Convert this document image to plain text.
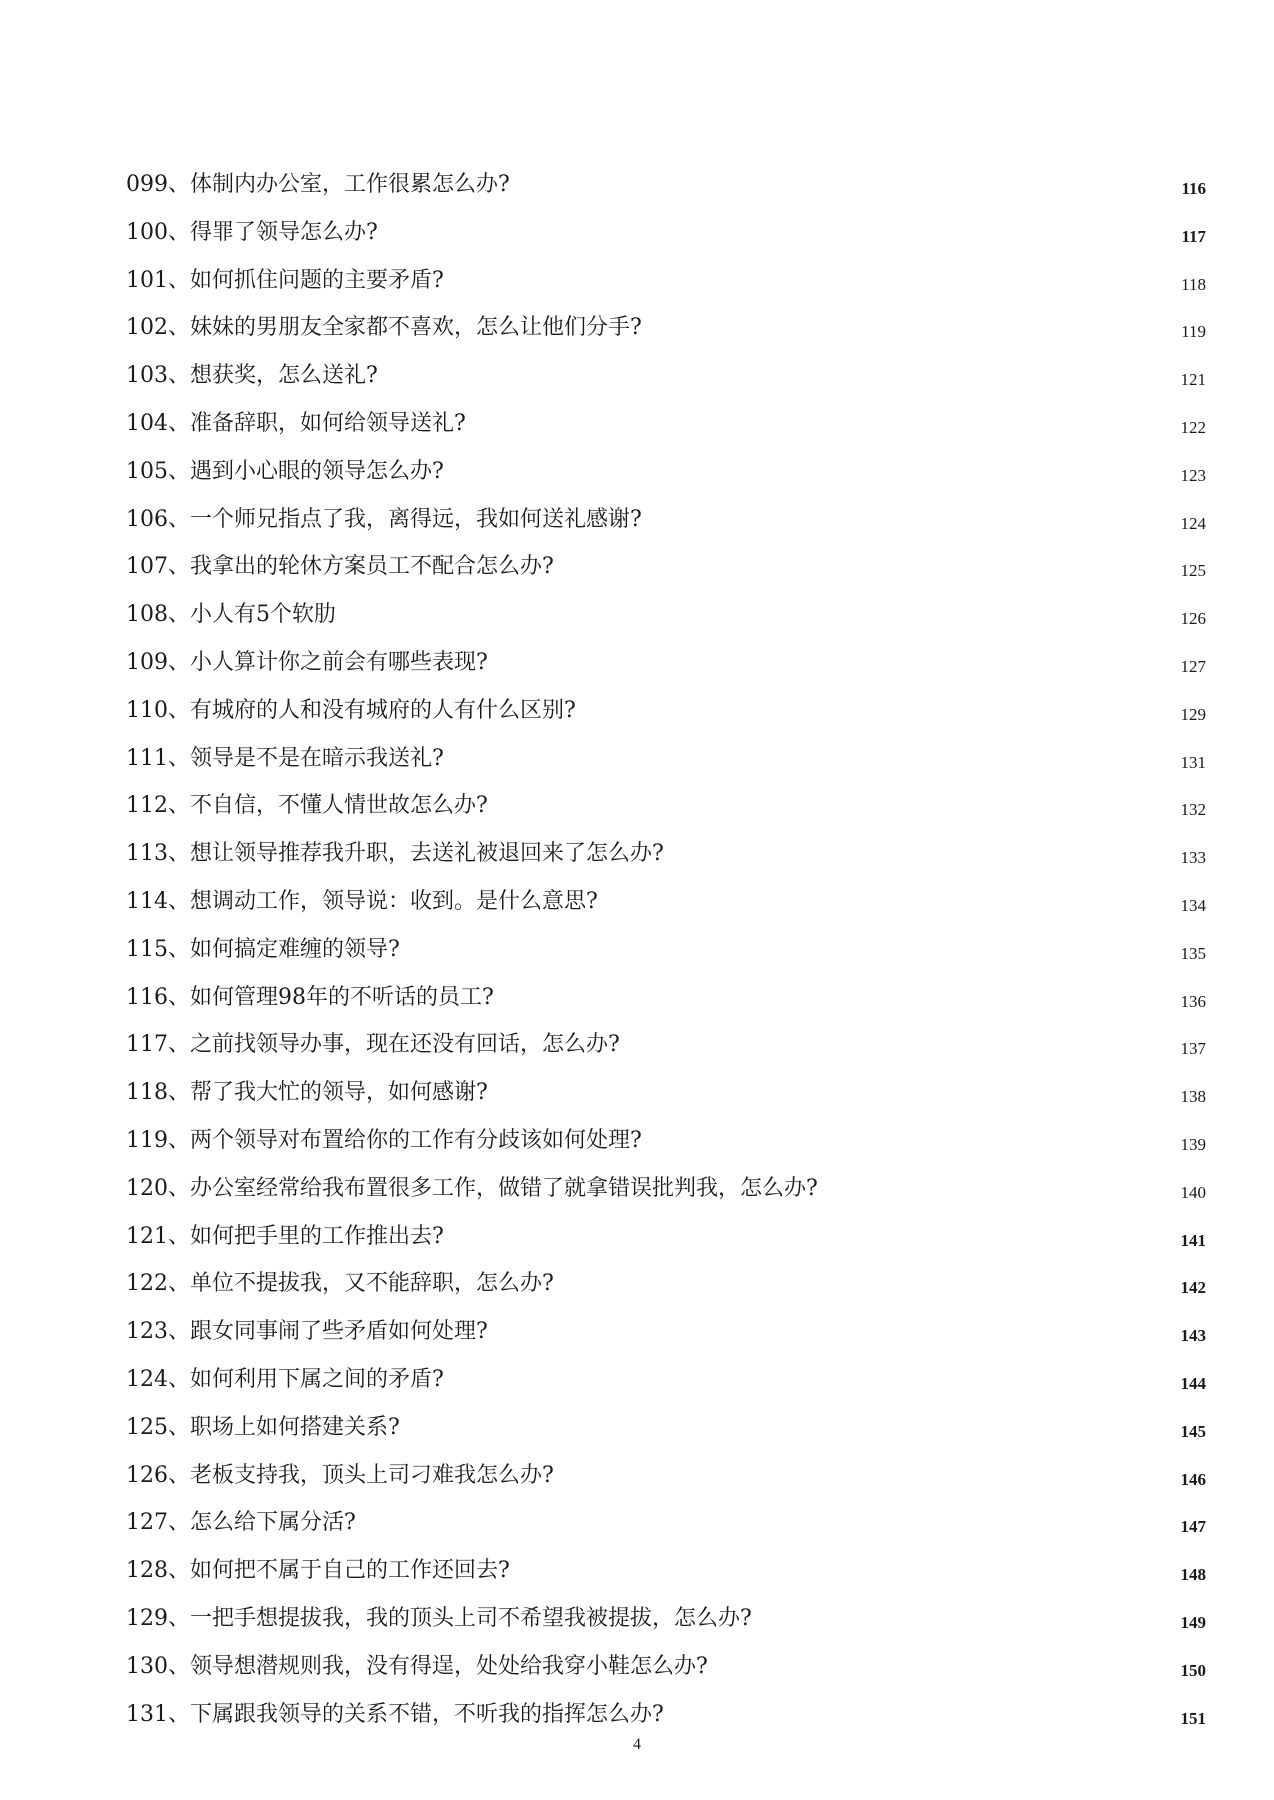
099、体制内办公室，工作很累怎么办?	116
100、得罪了领导怎么办?	117
101、如何抓住问题的主要矛盾?	118
102、妹妹的男朋友全家都不喜欢，怎么让他们分手?	119
103、想获奖，怎么送礼?	121
104、准备辞职，如何给领导送礼?	122
105、遇到小心眼的领导怎么办?	123
106、一个师兄指点了我，离得远，我如何送礼感谢?	124
107、我拿出的轮休方案员工不配合怎么办?	125
108、小人有5个软肋	126
109、小人算计你之前会有哪些表现?	127
110、有城府的人和没有城府的人有什么区别?	129
111、领导是不是在暗示我送礼?	131
112、不自信，不懂人情世故怎么办?	132
113、想让领导推荐我升职，去送礼被退回来了怎么办?	133
114、想调动工作，领导说：收到。是什么意思?	134
115、如何搞定难缠的领导?	135
116、如何管理98年的不听话的员工?	136
117、之前找领导办事，现在还没有回话，怎么办?	137
118、帮了我大忙的领导，如何感谢?	138
119、两个领导对布置给你的工作有分歧该如何处理?	139
120、办公室经常给我布置很多工作，做错了就拿错误批判我，怎么办?	140
121、如何把手里的工作推出去?	141
122、单位不提拔我，又不能辞职，怎么办?	142
123、跟女同事闹了些矛盾如何处理?	143
124、如何利用下属之间的矛盾?	144
125、职场上如何搭建关系?	145
126、老板支持我，顶头上司刁难我怎么办?	146
127、怎么给下属分活?	147
128、如何把不属于自己的工作还回去?	148
129、一把手想提拔我，我的顶头上司不希望我被提拔，怎么办?	149
130、领导想潜规则我，没有得逞，处处给我穿小鞋怎么办?	150
131、下属跟我领导的关系不错，不听我的指挥怎么办?	151
4
